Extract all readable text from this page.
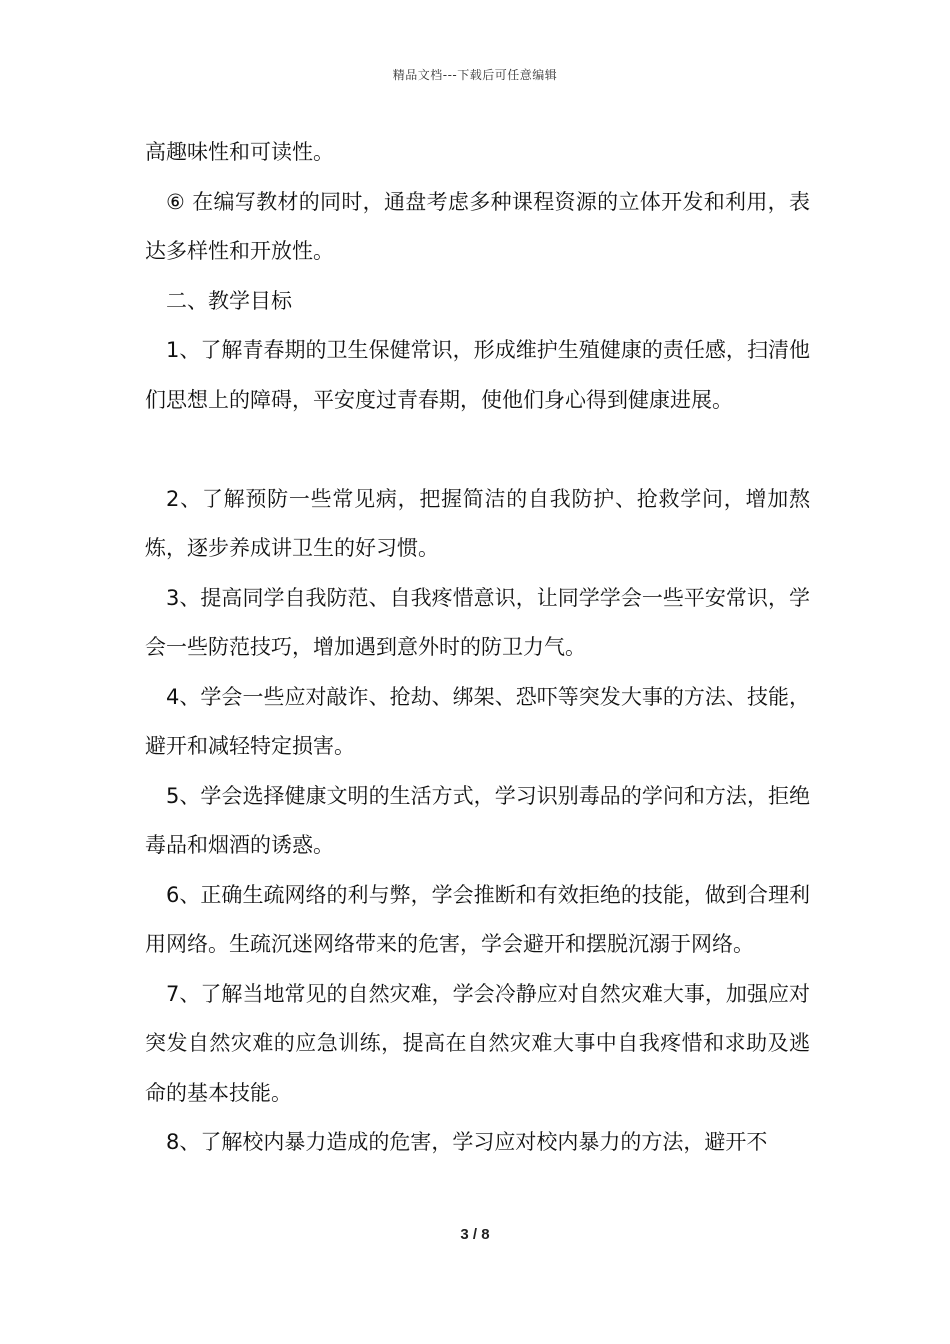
精品文档---下载后可任意编辑

高趣味性和可读性。

⑥ 在编写教材的同时，通盘考虑多种课程资源的立体开发和利用，表达多样性和开放性。

二、教学目标

1、了解青春期的卫生保健常识，形成维护生殖健康的责任感，扫清他们思想上的障碍，平安度过青春期，使他们身心得到健康进展。

2、了解预防一些常见病，把握简洁的自我防护、抢救学问，增加熬炼，逐步养成讲卫生的好习惯。

3、提高同学自我防范、自我疼惜意识，让同学学会一些平安常识，学会一些防范技巧，增加遇到意外时的防卫力气。

4、学会一些应对敲诈、抢劫、绑架、恐吓等突发大事的方法、技能，避开和减轻特定损害。

5、学会选择健康文明的生活方式，学习识别毒品的学问和方法，拒绝毒品和烟酒的诱惑。

6、正确生疏网络的利与弊，学会推断和有效拒绝的技能，做到合理利用网络。生疏沉迷网络带来的危害，学会避开和摆脱沉溺于网络。

7、了解当地常见的自然灾难，学会冷静应对自然灾难大事，加强应对突发自然灾难的应急训练，提高在自然灾难大事中自我疼惜和求助及逃命的基本技能。

8、了解校内暴力造成的危害，学习应对校内暴力的方法，避开不

3 / 8
